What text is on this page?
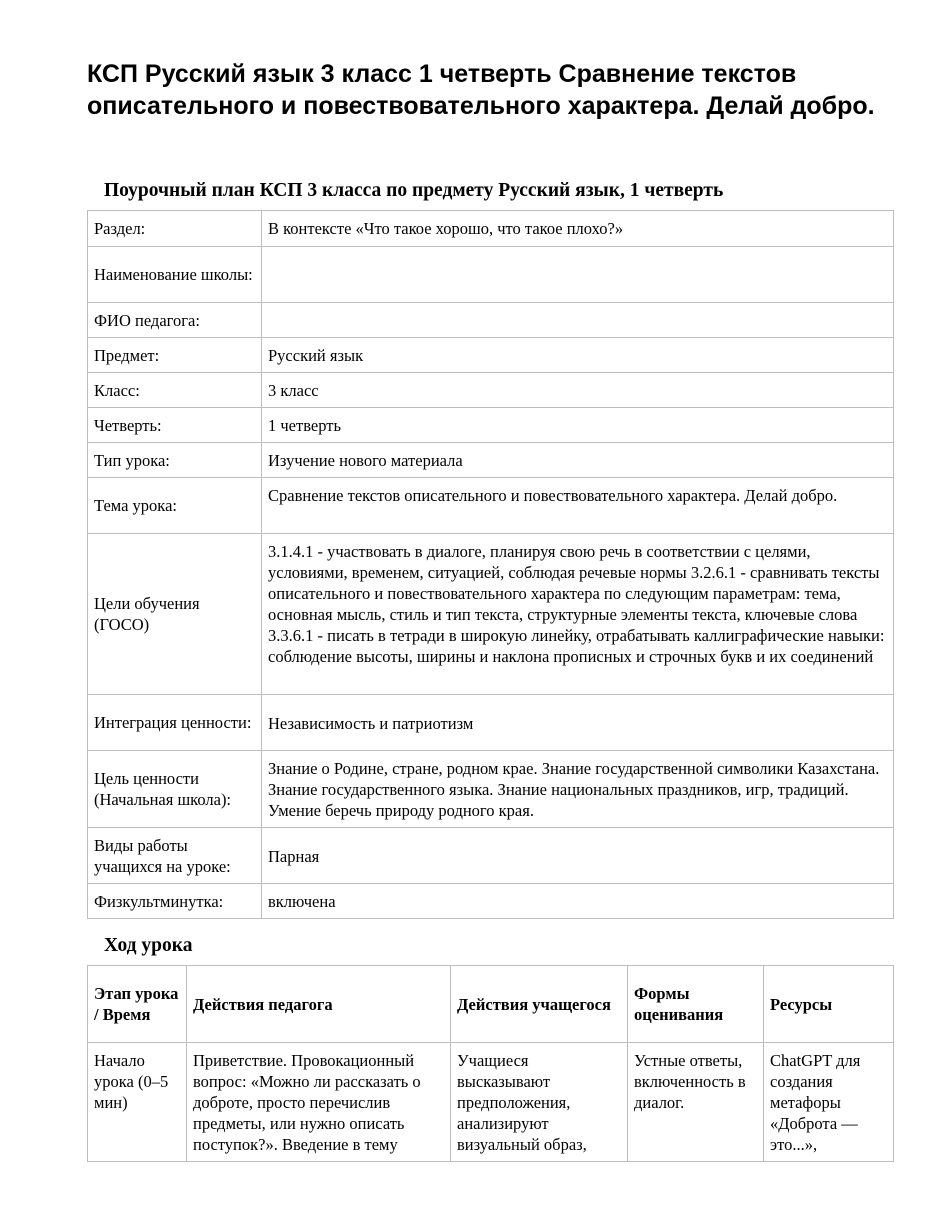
КСП Русский язык 3 класс 1 четверть Сравнение текстов описательного и повествовательного характера. Делай добро.
Поурочный план КСП 3 класса по предмету Русский язык, 1 четверть
Раздел:	В контексте «Что такое хорошо, что такое плохо?»
Наименование школы:	
ФИО педагога:	
Предмет:	Русский язык
Класс:	3 класс
Четверть:	1 четверть
Тип урока:	Изучение нового материала
Тема урока:	Сравнение текстов описательного и повествовательного характера. Делай добро.
Цели обучения (ГОСО)	3.1.4.1 - участвовать в диалоге, планируя свою речь в соответствии с целями, условиями, временем, ситуацией, соблюдая речевые нормы 3.2.6.1 - сравнивать тексты описательного и повествовательного характера по следующим параметрам: тема, основная мысль, стиль и тип текста, структурные элементы текста, ключевые слова 3.3.6.1 - писать в тетради в широкую линейку, отрабатывать каллиграфические навыки: соблюдение высоты, ширины и наклона прописных и строчных букв и их соединений
Интеграция ценности:	Независимость и патриотизм
Цель ценности (Начальная школа):	Знание о Родине, стране, родном крае. Знание государственной символики Казахстана. Знание государственного языка. Знание национальных праздников, игр, традиций. Умение беречь природу родного края.
Виды работы учащихся на уроке:	Парная
Физкультминутка:	включена
Ход урока
Этап урока / Время	Действия педагога	Действия учащегося	Формы оценивания	Ресурсы
Начало урока (0–5 мин)	Приветствие. Провокационный вопрос: «Можно ли рассказать о доброте, просто перечислив предметы, или нужно описать поступок?». Введение в тему	Учащиеся высказывают предположения, анализируют визуальный образ,	Устные ответы, включенность в диалог.	ChatGPT для создания метафоры «Доброта — это...»,
